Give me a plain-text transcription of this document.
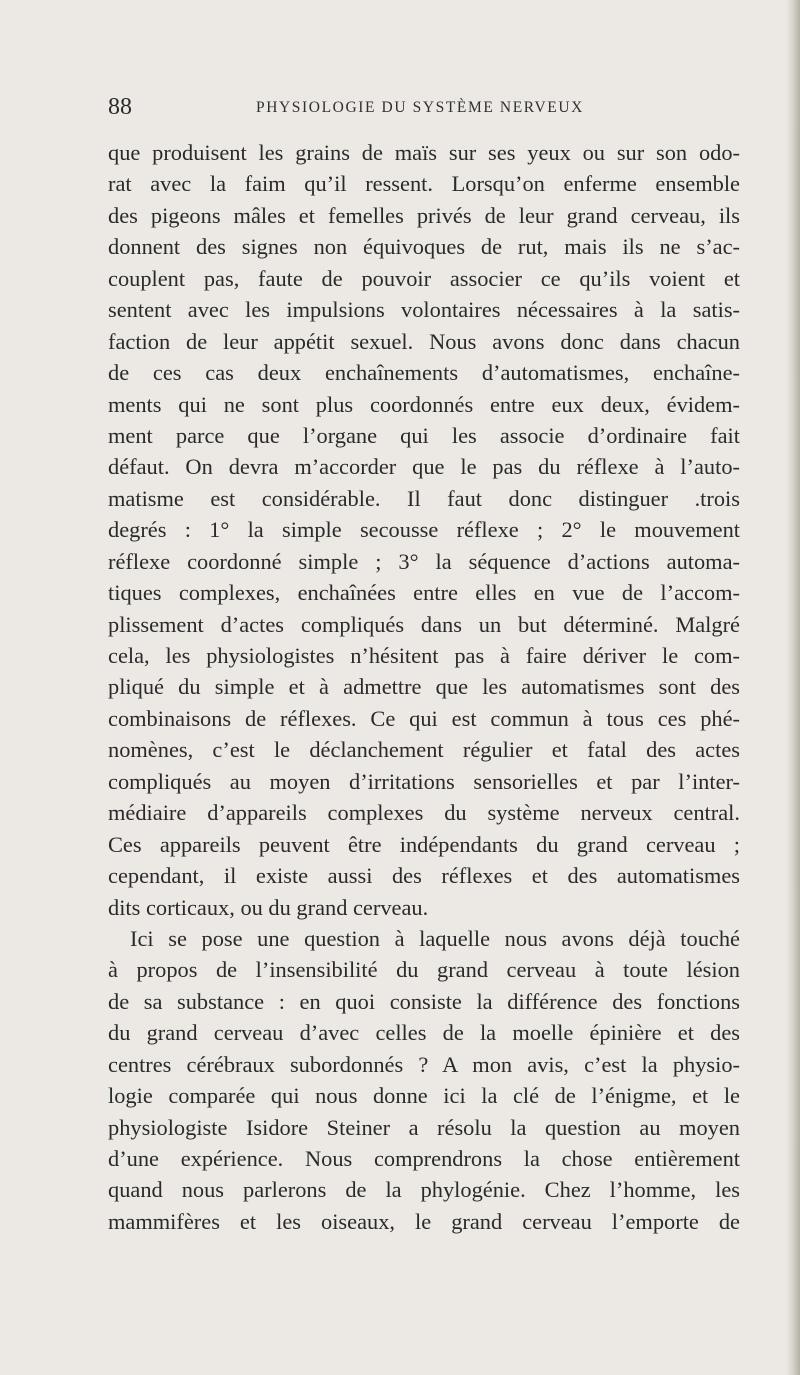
88	PHYSIOLOGIE DU SYSTÈME NERVEUX
que produisent les grains de maïs sur ses yeux ou sur son odo-
rat avec la faim qu’il ressent. Lorsqu’on enferme ensemble
des pigeons mâles et femelles privés de leur grand cerveau, ils
donnent des signes non équivoques de rut, mais ils ne s’ac-
couplent pas, faute de pouvoir associer ce qu’ils voient et
sentent avec les impulsions volontaires nécessaires à la satis-
faction de leur appétit sexuel. Nous avons donc dans chacun
de ces cas deux enchaînements d’automatismes, enchaîne-
ments qui ne sont plus coordonnés entre eux deux, évidem-
ment parce que l’organe qui les associe d’ordinaire fait
défaut. On devra m’accorder que le pas du réflexe à l’auto-
matisme est considérable. Il faut donc distinguer .trois
degrés : 1° la simple secousse réflexe ; 2° le mouvement
réflexe coordonné simple ; 3° la séquence d’actions automa-
tiques complexes, enchaînées entre elles en vue de l’accom-
plissement d’actes compliqués dans un but déterminé. Malgré
cela, les physiologistes n’hésitent pas à faire dériver le com-
pliqué du simple et à admettre que les automatismes sont des
combinaisons de réflexes. Ce qui est commun à tous ces phé-
nomènes, c’est le déclanchement régulier et fatal des actes
compliqués au moyen d’irritations sensorielles et par l’inter-
médiaire d’appareils complexes du système nerveux central.
Ces appareils peuvent être indépendants du grand cerveau ;
cependant, il existe aussi des réflexes et des automatismes
dits corticaux, ou du grand cerveau.
Ici se pose une question à laquelle nous avons déjà touché
à propos de l’insensibilité du grand cerveau à toute lésion
de sa substance : en quoi consiste la différence des fonctions
du grand cerveau d’avec celles de la moelle épinière et des
centres cérébraux subordonnés ? A mon avis, c’est la physio-
logie comparée qui nous donne ici la clé de l’énigme, et le
physiologiste Isidore Steiner a résolu la question au moyen
d’une expérience. Nous comprendrons la chose entièrement
quand nous parlerons de la phylogénie. Chez l’homme, les
mammifères et les oiseaux, le grand cerveau l’emporte de
